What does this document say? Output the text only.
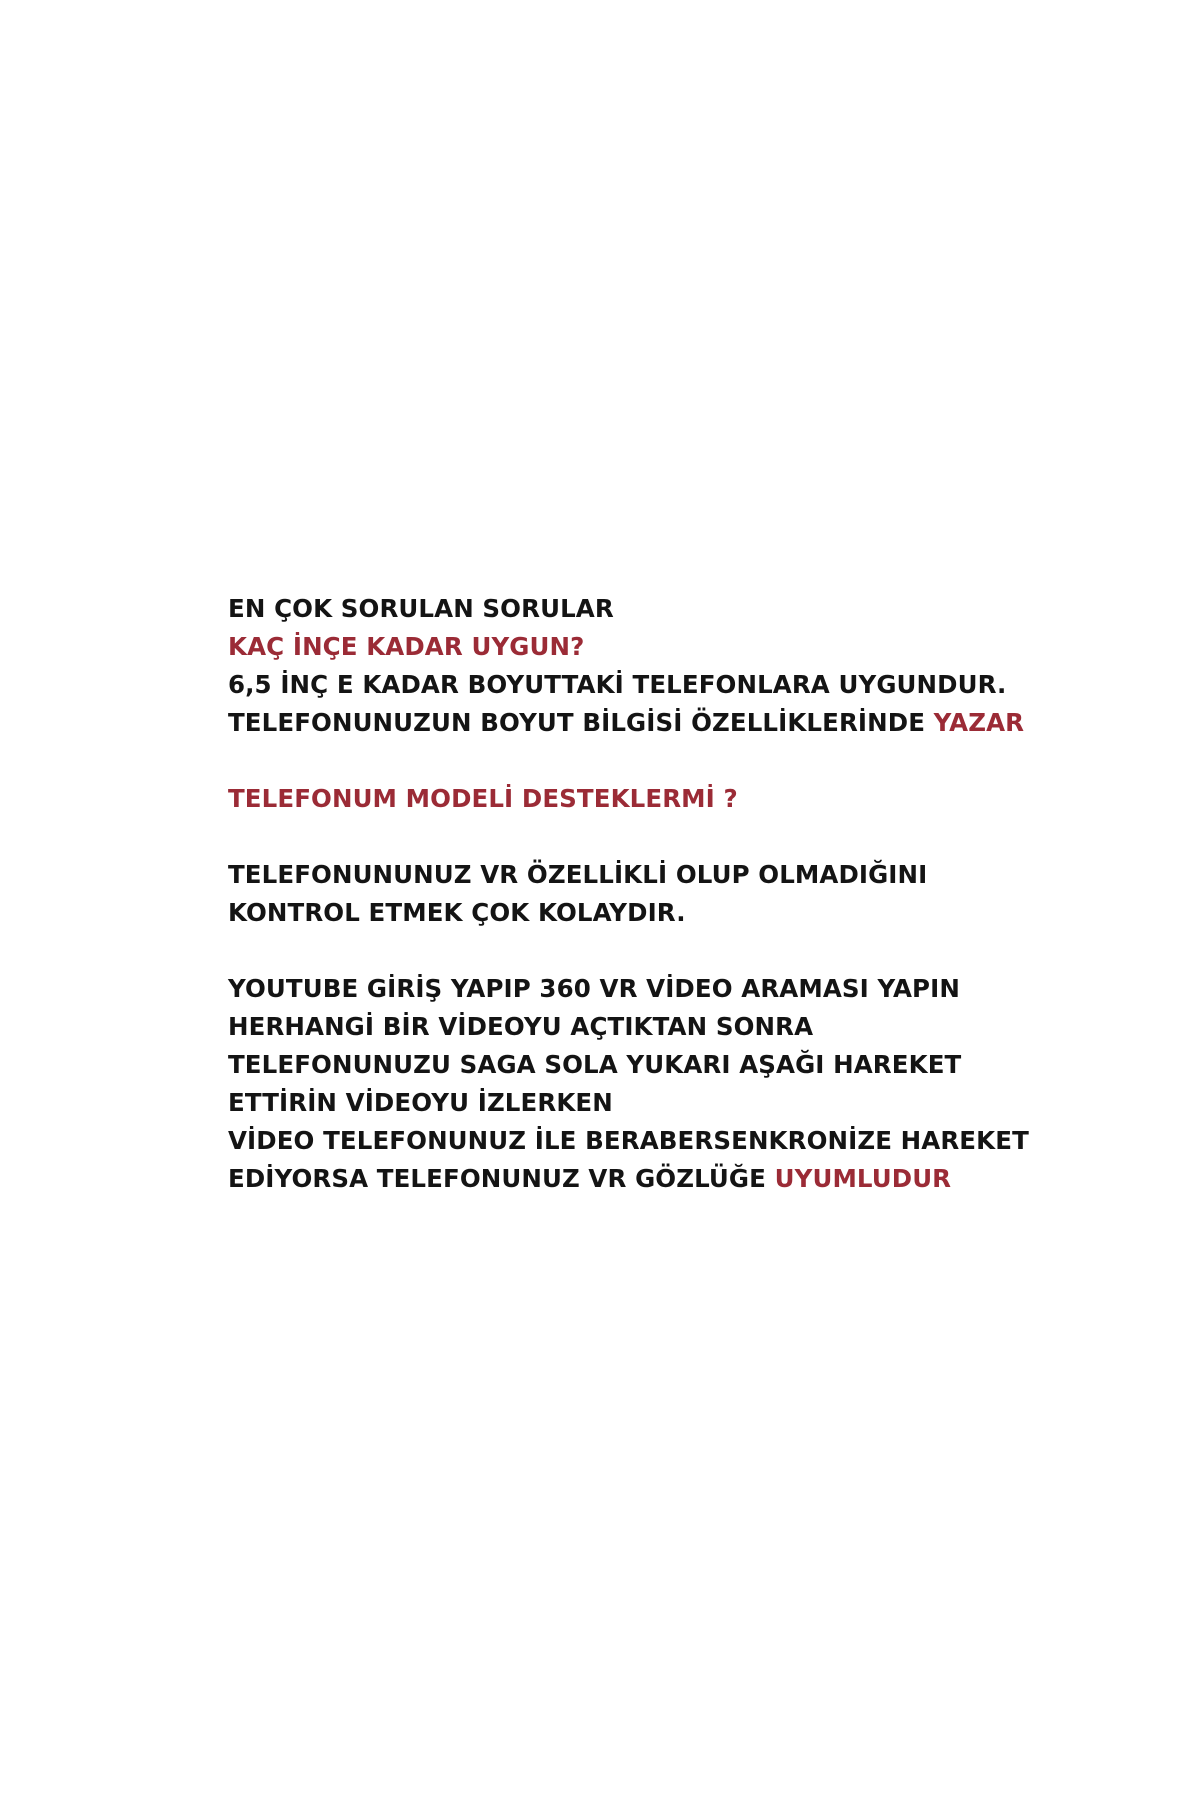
EN ÇOK SORULAN SORULAR
KAÇ İNÇE KADAR UYGUN?
6,5 İNÇ E KADAR BOYUTTAKİ TELEFONLARA UYGUNDUR.
TELEFONUNUZUN BOYUT BİLGİSİ ÖZELLİKLERİNDE YAZAR
TELEFONUM MODELİ DESTEKLERMİ ?
TELEFONUNUNUZ VR ÖZELLİKLİ OLUP OLMADIĞINI
KONTROL ETMEK ÇOK KOLAYDIR.
YOUTUBE GİRİŞ YAPIP 360 VR VİDEO ARAMASI YAPIN
HERHANGİ BİR VİDEOYU AÇTIKTAN SONRA
TELEFONUNUZU SAGA SOLA YUKARI AŞAĞI HAREKET
ETTİRİN VİDEOYU İZLERKEN
VİDEO TELEFONUNUZ İLE BERABERSENKRONİZE HAREKET
EDİYORSA TELEFONUNUZ VR GÖZLÜĞE UYUMLUDUR
